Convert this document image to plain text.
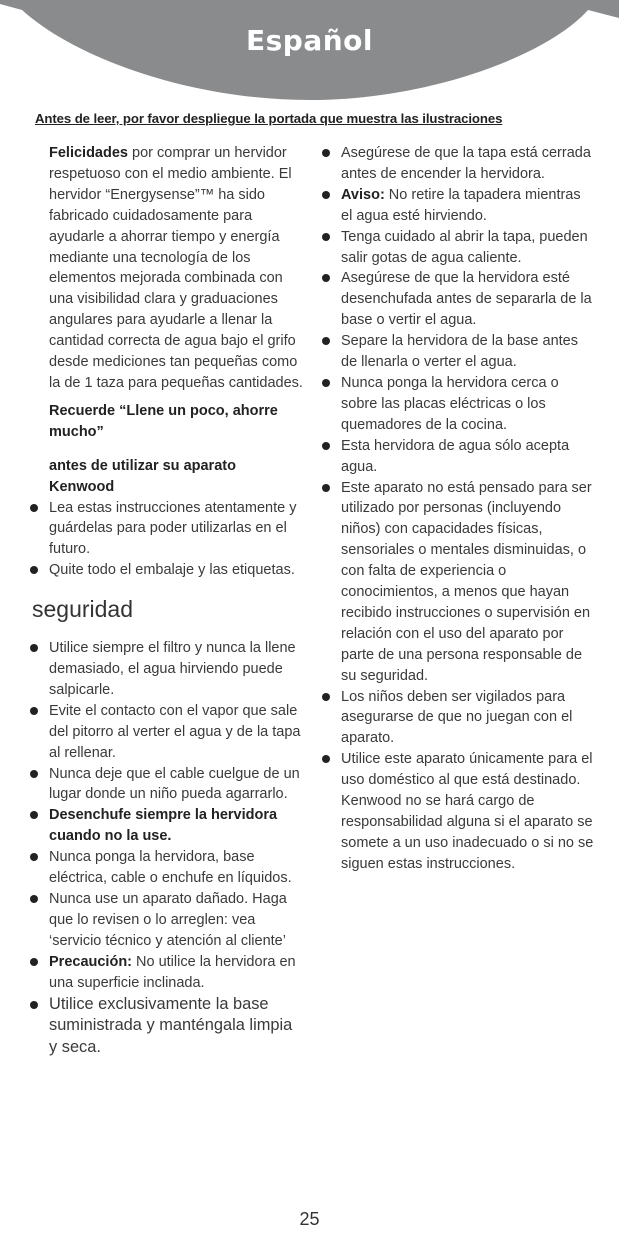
Español
Antes de leer, por favor despliegue la portada que muestra las ilustraciones

Felicidades por comprar un hervidor respetuoso con el medio ambiente. El hervidor “Energysense”™ ha sido fabricado cuidadosamente para ayudarle a ahorrar tiempo y energía mediante una tecnología de los elementos mejorada combinada con una visibilidad clara y graduaciones angulares para ayudarle a llenar la cantidad correcta de agua bajo el grifo desde mediciones tan pequeñas como la de 1 taza para pequeñas cantidades.

Recuerde “Llene un poco, ahorre mucho”

antes de utilizar su aparato Kenwood

Lea estas instrucciones atentamente y guárdelas para poder utilizarlas en el futuro.
Quite todo el embalaje y las etiquetas.
seguridad
Utilice siempre el filtro y nunca la llene demasiado, el agua hirviendo puede salpicarle.
Evite el contacto con el vapor que sale del pitorro al verter el agua y de la tapa al rellenar.
Nunca deje que el cable cuelgue de un lugar donde un niño pueda agarrarlo.
Desenchufe siempre la hervidora cuando no la use.
Nunca ponga la hervidora, base eléctrica, cable o enchufe en líquidos.
Nunca use un aparato dañado. Haga que lo revisen o lo arreglen: vea ‘servicio técnico y atención al cliente’
Precaución: No utilice la hervidora en una superficie inclinada.
Utilice exclusivamente la base suministrada y manténgala limpia y seca.
Asegúrese de que la tapa está cerrada antes de encender la hervidora.
Aviso: No retire la tapadera mientras el agua esté hirviendo.
Tenga cuidado al abrir la tapa, pueden salir gotas de agua caliente.
Asegúrese de que la hervidora esté desenchufada antes de separarla de la base o vertir el agua.
Separe la hervidora de la base antes de llenarla o verter el agua.
Nunca ponga la hervidora cerca o sobre las placas eléctricas o los quemadores de la cocina.
Esta hervidora de agua sólo acepta agua.
Este aparato no está pensado para ser utilizado por personas (incluyendo niños) con capacidades físicas, sensoriales o mentales disminuidas, o con falta de experiencia o conocimientos, a menos que hayan recibido instrucciones o supervisión en relación con el uso del aparato por parte de una persona responsable de su seguridad.
Los niños deben ser vigilados para asegurarse de que no juegan con el aparato.
Utilice este aparato únicamente para el uso doméstico al que está destinado. Kenwood no se hará cargo de responsabilidad alguna si el aparato se somete a un uso inadecuado o si no se siguen estas instrucciones.
25
